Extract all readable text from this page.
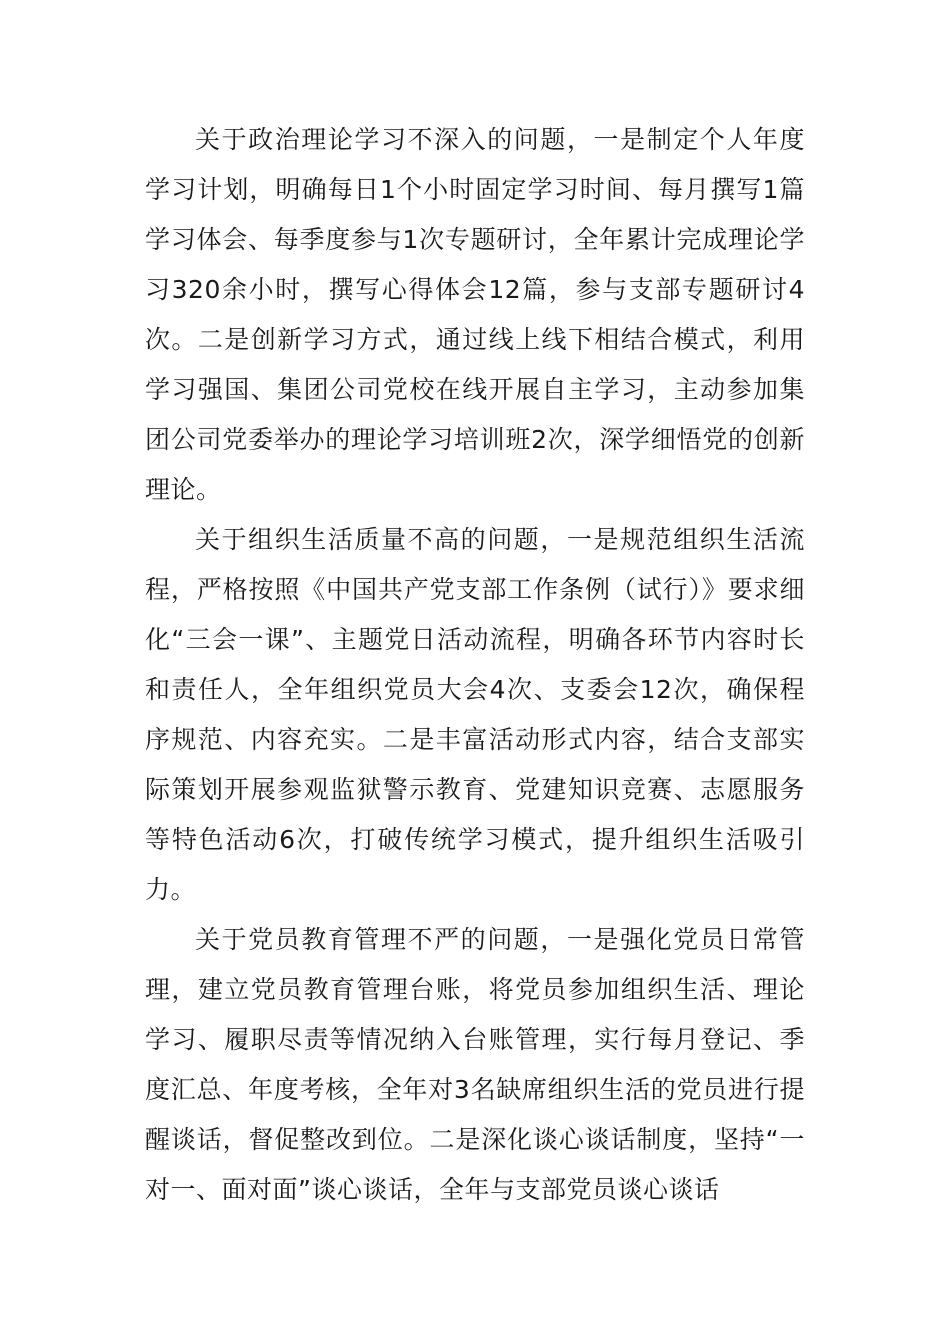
关于政治理论学习不深入的问题，一是制定个人年度学习计划，明确每日1个小时固定学习时间、每月撰写1篇学习体会、每季度参与1次专题研讨，全年累计完成理论学习320余小时，撰写心得体会12篇，参与支部专题研讨4次。二是创新学习方式，通过线上线下相结合模式，利用学习强国、集团公司党校在线开展自主学习，主动参加集团公司党委举办的理论学习培训班2次，深学细悟党的创新理论。

关于组织生活质量不高的问题，一是规范组织生活流程，严格按照《中国共产党支部工作条例（试行）》要求细化“三会一课”、主题党日活动流程，明确各环节内容时长和责任人，全年组织党员大会4次、支委会12次，确保程序规范、内容充实。二是丰富活动形式内容，结合支部实际策划开展参观监狱警示教育、党建知识竞赛、志愿服务等特色活动6次，打破传统学习模式，提升组织生活吸引力。

关于党员教育管理不严的问题，一是强化党员日常管理，建立党员教育管理台账，将党员参加组织生活、理论学习、履职尽责等情况纳入台账管理，实行每月登记、季度汇总、年度考核，全年对3名缺席组织生活的党员进行提醒谈话，督促整改到位。二是深化谈心谈话制度，坚持“一对一、面对面”谈心谈话，全年与支部党员谈心谈话
